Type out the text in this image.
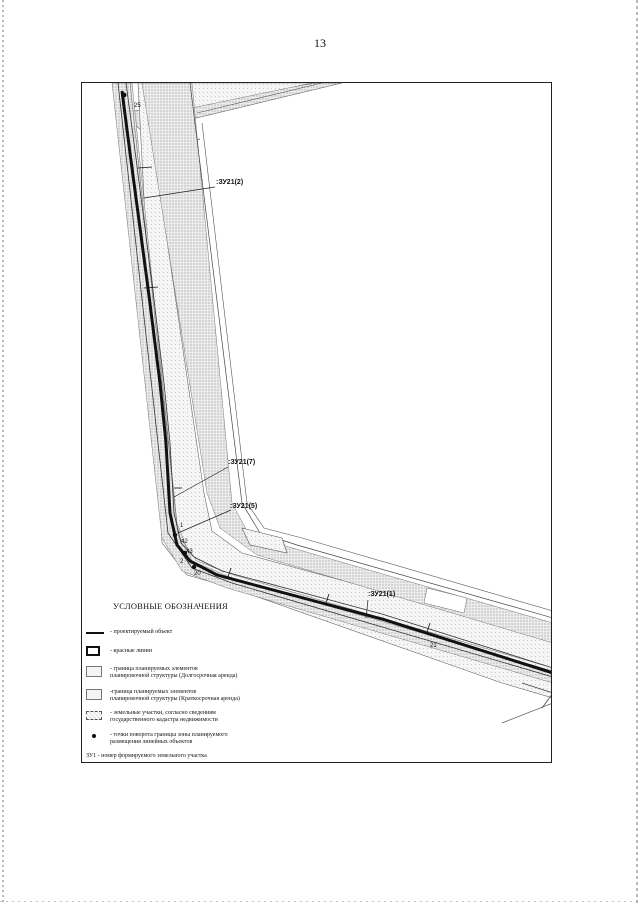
13
:ЗУ21(2)
:ЗУ21(7)
:ЗУ21(5)
:ЗУ21(1)
25
1
42
43
2
20
21
УСЛОВНЫЕ ОБОЗНАЧЕНИЯ
- проектируемый объект
- красные линии
- граница планируемых элементов
планировочной структуры (Долгосрочная аренда)
-граница планируемых элементов
планировочной структуры (Краткосрочная аренда)
- земельные участки, согласно сведениям
государственного кадастра недвижимости
- точки поворота границы зоны планируемого
размещения линейных объектов
ЗУ1 - номер формируемого земельного участка
